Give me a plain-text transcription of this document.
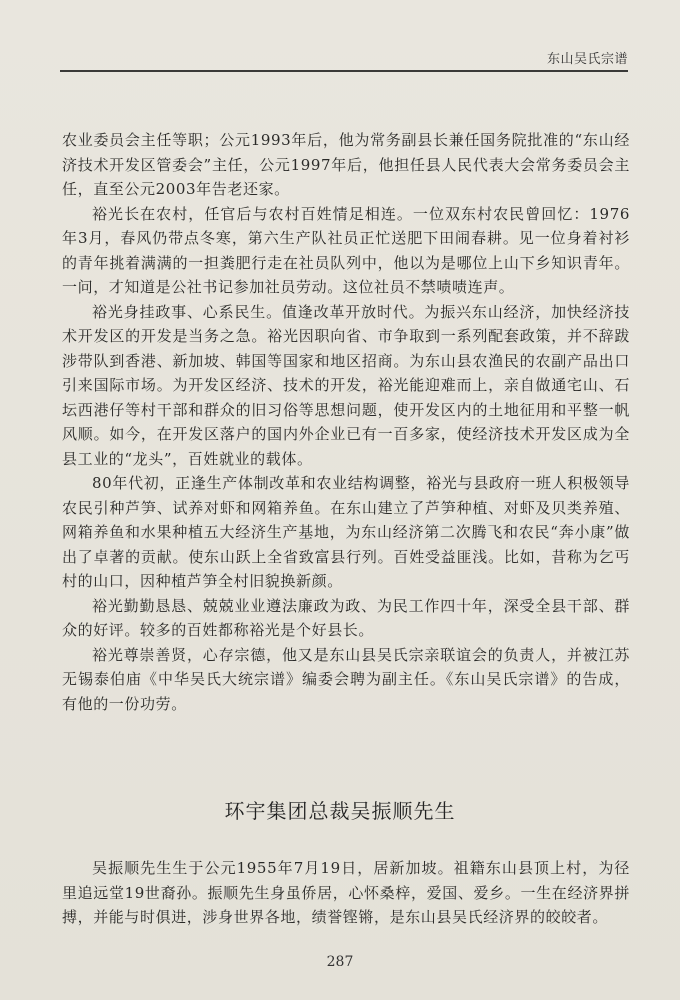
东山吴氏宗谱

农业委员会主任等职；公元1993年后，他为常务副县长兼任国务院批准的“东山经济技术开发区管委会”主任，公元1997年后，他担任县人民代表大会常务委员会主任，直至公元2003年告老还家。

裕光长在农村，任官后与农村百姓情足相连。一位双东村农民曾回忆：1976年3月，春风仍带点冬寒，第六生产队社员正忙送肥下田闹春耕。见一位身着衬衫的青年挑着满满的一担粪肥行走在社员队列中，他以为是哪位上山下乡知识青年。一问，才知道是公社书记参加社员劳动。这位社员不禁啧啧连声。

裕光身挂政事、心系民生。值逢改革开放时代。为振兴东山经济，加快经济技术开发区的开发是当务之急。裕光因职向省、市争取到一系列配套政策，并不辞跋涉带队到香港、新加坡、韩国等国家和地区招商。为东山县农渔民的农副产品出口引来国际市场。为开发区经济、技术的开发，裕光能迎难而上，亲自做通宅山、石坛西港仔等村干部和群众的旧习俗等思想问题，使开发区内的土地征用和平整一帆风顺。如今，在开发区落户的国内外企业已有一百多家，使经济技术开发区成为全县工业的“龙头”，百姓就业的载体。

80年代初，正逢生产体制改革和农业结构调整，裕光与县政府一班人积极领导农民引种芦笋、试养对虾和网箱养鱼。在东山建立了芦笋种植、对虾及贝类养殖、网箱养鱼和水果种植五大经济生产基地，为东山经济第二次腾飞和农民“奔小康”做出了卓著的贡献。使东山跃上全省致富县行列。百姓受益匪浅。比如，昔称为乞丐村的山口，因种植芦笋全村旧貌换新颜。

裕光勤勤恳恳、兢兢业业遵法廉政为政、为民工作四十年，深受全县干部、群众的好评。较多的百姓都称裕光是个好县长。

裕光尊崇善贤，心存宗德，他又是东山县吴氏宗亲联谊会的负责人，并被江苏无锡泰伯庙《中华吴氏大统宗谱》编委会聘为副主任。《东山吴氏宗谱》的告成，有他的一份功劳。

环宇集团总裁吴振顺先生

吴振顺先生生于公元1955年7月19日，居新加坡。祖籍东山县顶上村，为径里追远堂19世裔孙。振顺先生身虽侨居，心怀桑梓，爱国、爱乡。一生在经济界拼搏，并能与时俱进，涉身世界各地，绩誉铿锵，是东山县吴氏经济界的皎皎者。

287
